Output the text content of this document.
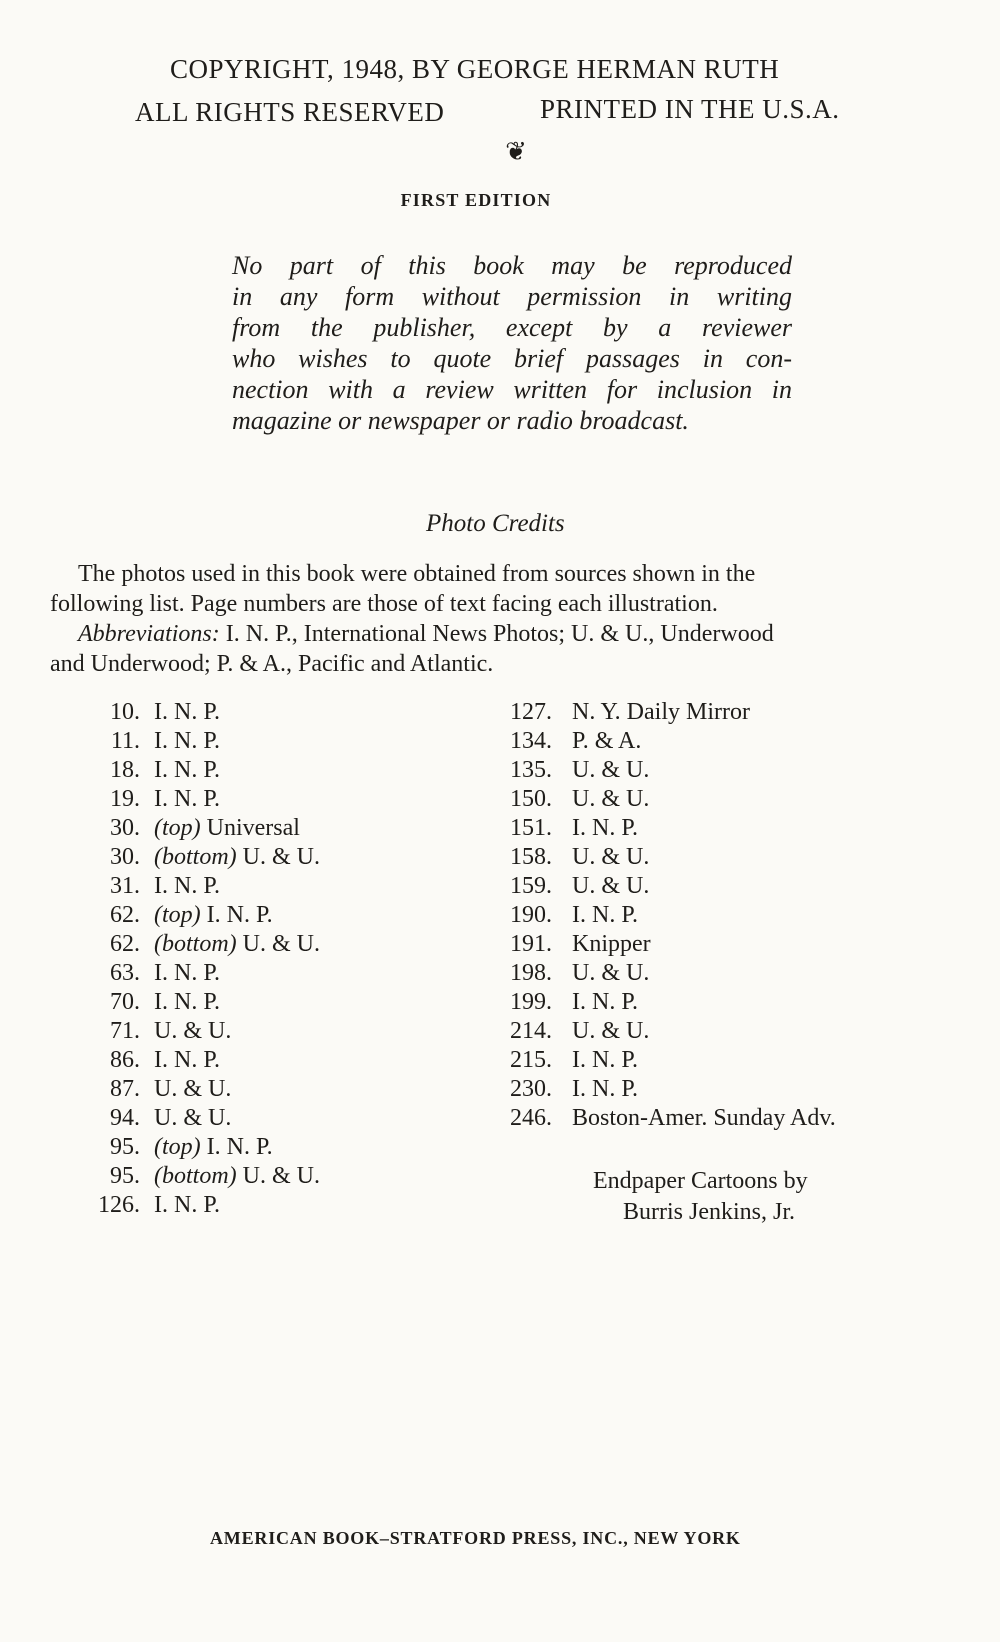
COPYRIGHT, 1948, BY GEORGE HERMAN RUTH
ALL RIGHTS RESERVED	PRINTED IN THE U.S.A.
❦
FIRST EDITION
No part of this book may be reproduced
in any form without permission in writing
from the publisher, except by a reviewer
who wishes to quote brief passages in con-
nection with a review written for inclusion in
magazine or newspaper or radio broadcast.
Photo Credits
The photos used in this book were obtained from sources shown in the
following list. Page numbers are those of text facing each illustration.
Abbreviations: I. N. P., International News Photos; U. & U., Underwood
and Underwood; P. & A., Pacific and Atlantic.
10. I. N. P.
11. I. N. P.
18. I. N. P.
19. I. N. P.
30. (top) Universal
30. (bottom) U. & U.
31. I. N. P.
62. (top) I. N. P.
62. (bottom) U. & U.
63. I. N. P.
70. I. N. P.
71. U. & U.
86. I. N. P.
87. U. & U.
94. U. & U.
95. (top) I. N. P.
95. (bottom) U. & U.
126. I. N. P.
127. N. Y. Daily Mirror
134. P. & A.
135. U. & U.
150. U. & U.
151. I. N. P.
158. U. & U.
159. U. & U.
190. I. N. P.
191. Knipper
198. U. & U.
199. I. N. P.
214. U. & U.
215. I. N. P.
230. I. N. P.
246. Boston-Amer. Sunday Adv.
Endpaper Cartoons by
Burris Jenkins, Jr.
AMERICAN BOOK–STRATFORD PRESS, INC., NEW YORK
